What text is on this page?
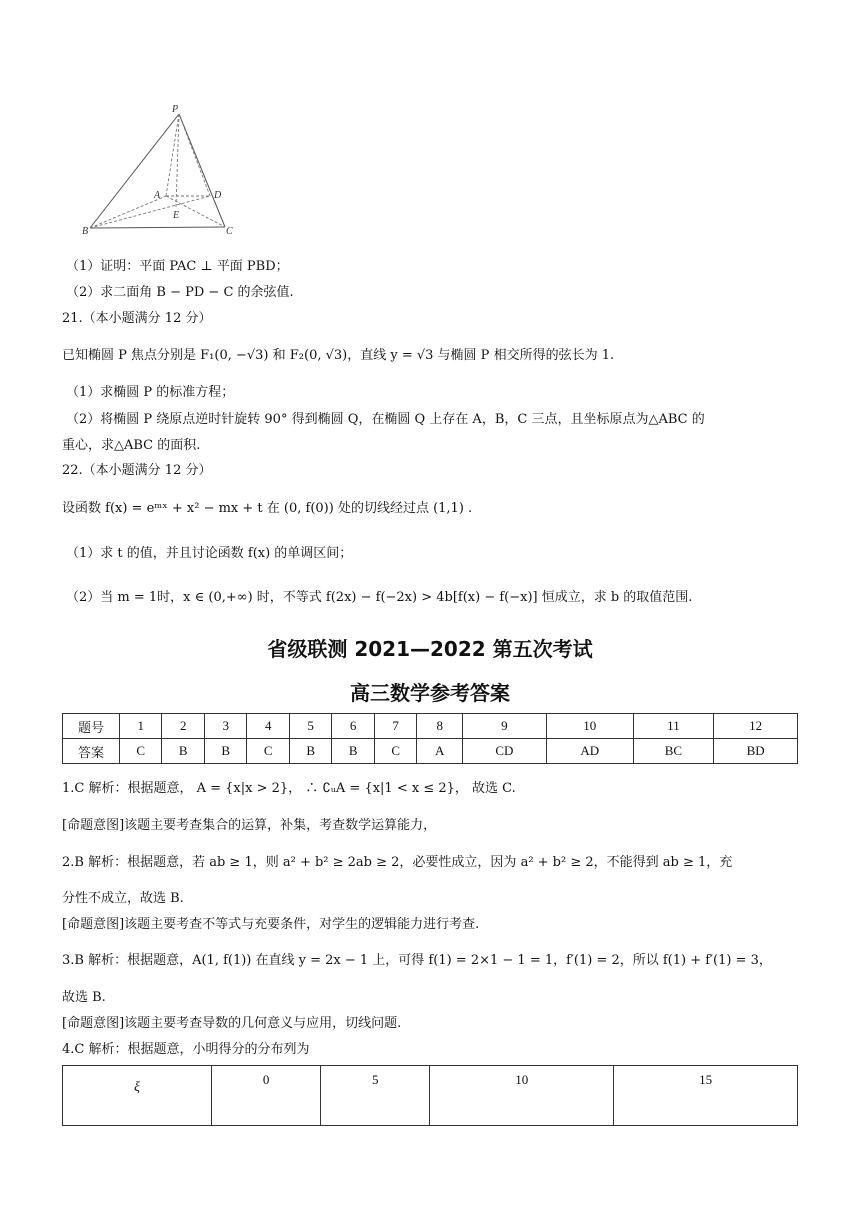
P
A	D
E
B	C
（1）证明：平面 PAC ⊥ 平面 PBD；
（2）求二面角 B − PD − C 的余弦值.
21.（本小题满分 12 分）
已知椭圆 P 焦点分别是 F₁(0, −√3) 和 F₂(0, √3)，直线 y = √3 与椭圆 P 相交所得的弦长为 1.
（1）求椭圆 P 的标准方程；
（2）将椭圆 P 绕原点逆时针旋转 90° 得到椭圆 Q，在椭圆 Q 上存在 A，B，C 三点，且坐标原点为△ABC 的
重心，求△ABC 的面积.
22.（本小题满分 12 分）
设函数 f(x) = eᵐˣ + x² − mx + t 在 (0, f(0)) 处的切线经过点 (1,1) .
（1）求 t 的值，并且讨论函数 f(x) 的单调区间；
（2）当 m = 1时，x ∈ (0,+∞) 时，不等式 f(2x) − f(−2x) > 4b[f(x) − f(−x)] 恒成立，求 b 的取值范围.
省级联测 2021—2022 第五次考试
高三数学参考答案
题号	1	2	3	4	5	6	7	8	9	10	11	12
答案	C	B	B	C	B	B	C	A	CD	AD	BC	BD
1.C 解析：根据题意， A = {x|x > 2}， ∴ ∁ᵤA = {x|1 < x ≤ 2}， 故选 C.
[命题意图]该题主要考查集合的运算，补集，考查数学运算能力，
2.B 解析：根据题意，若 ab ≥ 1，则 a² + b² ≥ 2ab ≥ 2，必要性成立，因为 a² + b² ≥ 2，不能得到 ab ≥ 1，充
分性不成立，故选 B.
[命题意图]该题主要考查不等式与充要条件，对学生的逻辑能力进行考查.
3.B 解析：根据题意，A(1, f(1)) 在直线 y = 2x − 1 上，可得 f(1) = 2×1 − 1 = 1，f′(1) = 2，所以 f(1) + f′(1) = 3，
故选 B.
[命题意图]该题主要考查导数的几何意义与应用，切线问题.
4.C 解析：根据题意，小明得分的分布列为
ξ	0	5	10	15
